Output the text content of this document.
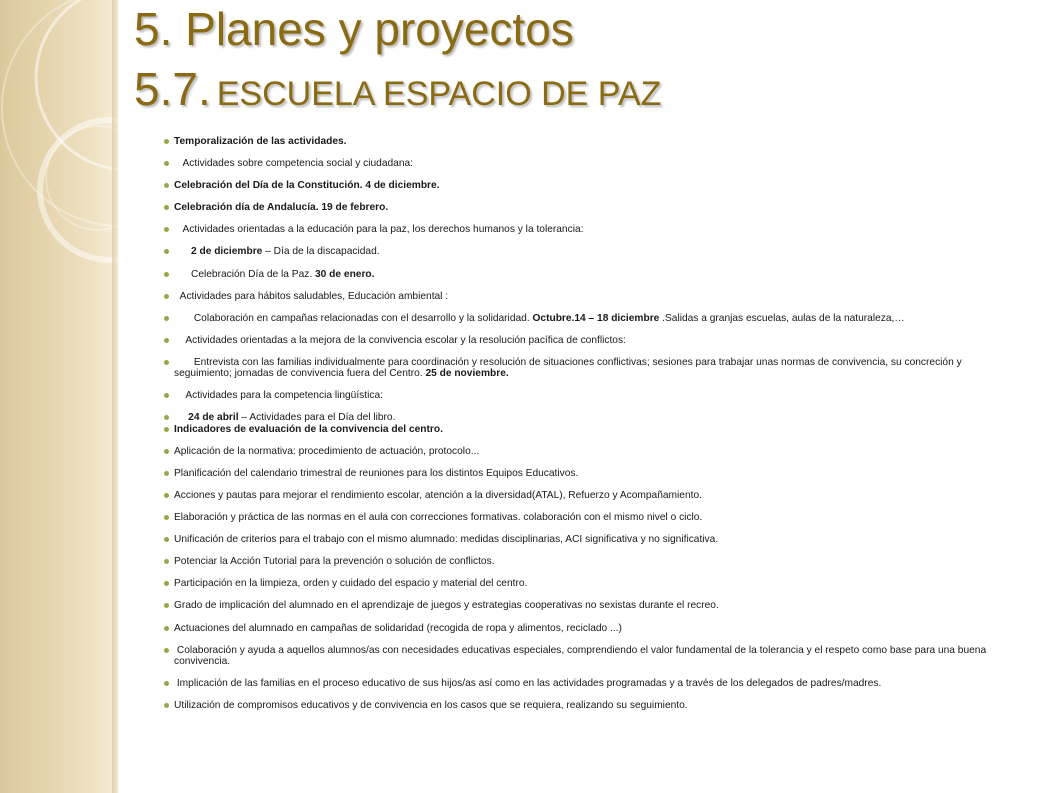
5. Planes y proyectos
5.7. ESCUELA ESPACIO DE PAZ
Temporalización de las actividades.
Actividades sobre competencia social y ciudadana:
Celebración del Día de la Constitución. 4 de diciembre.
Celebración día de Andalucía. 19 de febrero.
Actividades orientadas a la educación para la paz, los derechos humanos y la tolerancia:
2 de diciembre – Día de la discapacidad.
Celebración Día de la Paz. 30 de enero.
Actividades para hábitos saludables, Educación ambiental :
Colaboración en campañas relacionadas con el desarrollo y la solidaridad. Octubre.14 – 18 diciembre .Salidas a granjas escuelas, aulas de la naturaleza,…
Actividades orientadas a la mejora de la convivencia escolar y la resolución pacífica de conflictos:
Entrevista con las familias individualmente para coordinación y resolución de situaciones conflictivas; sesiones para trabajar unas normas de convivencia, su concreción y seguimiento; jornadas de convivencia fuera del Centro. 25 de noviembre.
Actividades para la competencia lingüística:
24 de abril – Actividades para el Día del libro.
Indicadores de evaluación de la convivencia del centro.
Aplicación de la normativa: procedimiento de actuación, protocolo...
Planificación del calendario trimestral de reuniones para los distintos Equipos Educativos.
Acciones y pautas para mejorar el rendimiento escolar, atención a la diversidad(ATAL), Refuerzo y Acompañamiento.
Elaboración y práctica de las normas en el aula con correcciones formativas. colaboración con el mismo nivel o ciclo.
Unificación de criterios para el trabajo con el mismo alumnado: medidas disciplinarias, ACI significativa y no significativa.
Potenciar la Acción Tutorial para la prevención o solución de conflictos.
Participación en la limpieza, orden y cuidado del espacio y material del centro.
Grado de implicación del alumnado en el aprendizaje de juegos y estrategias cooperativas no sexistas durante el recreo.
Actuaciones del alumnado en campañas de solidaridad (recogida de ropa y alimentos, reciclado ...)
Colaboración y ayuda a aquellos alumnos/as con necesidades educativas especiales, comprendiendo el valor fundamental de la tolerancia y el respeto como base para una buena convivencia.
Implicación de las familias en el proceso educativo de sus hijos/as así como en las actividades programadas y a través de los delegados de padres/madres.
Utilización de compromisos educativos y de convivencia en los casos que se requiera, realizando su seguimiento.
